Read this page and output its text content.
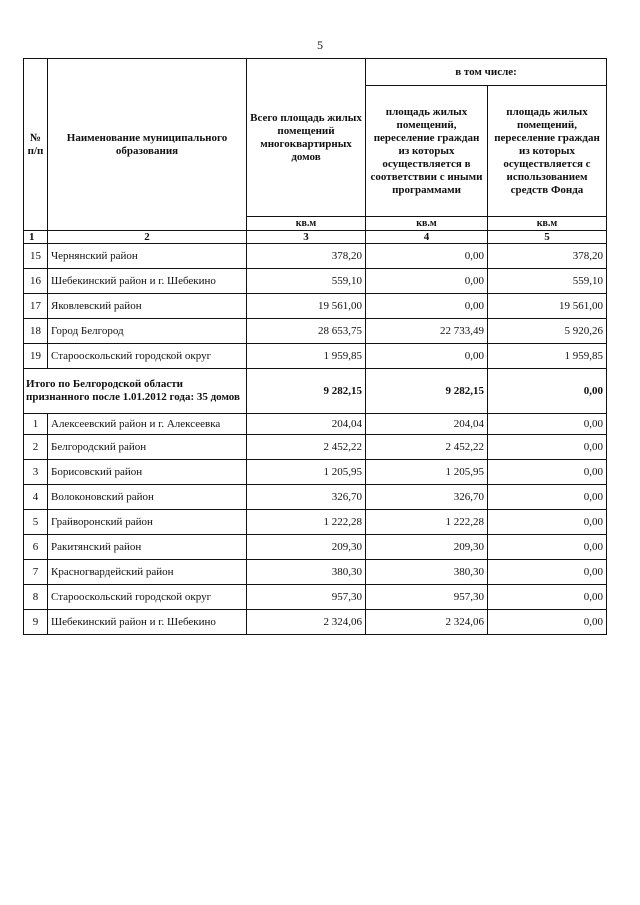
5
№ п/п	Наименование муниципального образования	Всего площадь жилых помещений многоквартирных домов	в том числе:	
			площадь жилых помещений, переселение граждан из которых осуществляется в соответствии с иными программами	площадь жилых помещений, переселение граждан из которых осуществляется с использованием средств Фонда
		кв.м	кв.м	кв.м
1	2	3	4	5
15	Чернянский район	378,20	0,00	378,20
16	Шебекинский район и г. Шебекино	559,10	0,00	559,10
17	Яковлевский район	19 561,00	0,00	19 561,00
18	Город Белгород	28 653,75	22 733,49	5 920,26
19	Старооскольский городской округ	1 959,85	0,00	1 959,85
Итого по Белгородской области признанного после 1.01.2012 года: 35 домов		9 282,15	9 282,15	0,00
1	Алексеевский район и г. Алексеевка	204,04	204,04	0,00
2	Белгородский район	2 452,22	2 452,22	0,00
3	Борисовский район	1 205,95	1 205,95	0,00
4	Волоконовский район	326,70	326,70	0,00
5	Грайворонский район	1 222,28	1 222,28	0,00
6	Ракитянский район	209,30	209,30	0,00
7	Красногвардейский район	380,30	380,30	0,00
8	Старооскольский городской округ	957,30	957,30	0,00
9	Шебекинский район и г. Шебекино	2 324,06	2 324,06	0,00
